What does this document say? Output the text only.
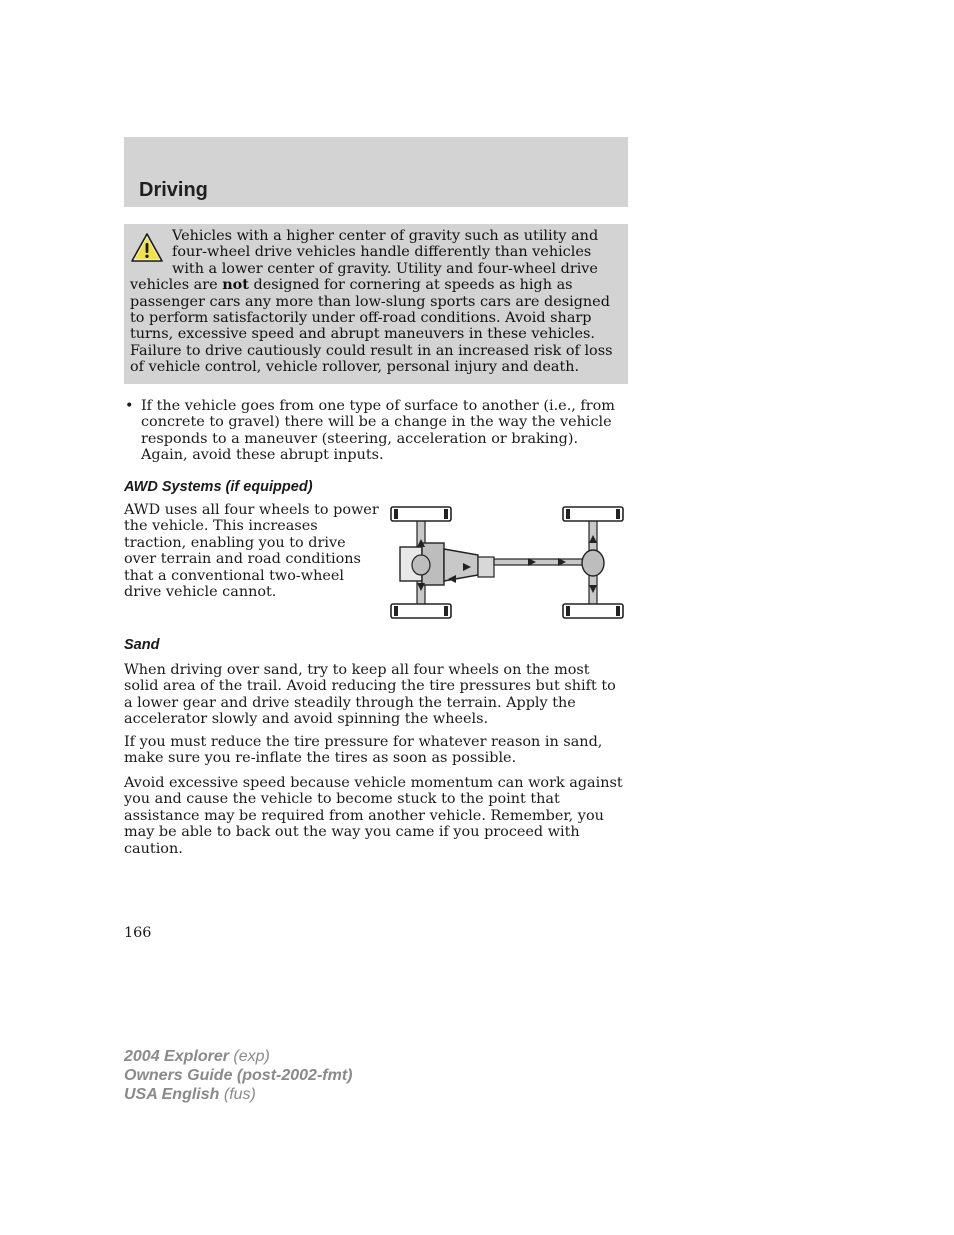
Driving

Vehicles with a higher center of gravity such as utility and four-wheel drive vehicles handle differently than vehicles with a lower center of gravity. Utility and four-wheel drive vehicles are not designed for cornering at speeds as high as passenger cars any more than low-slung sports cars are designed to perform satisfactorily under off-road conditions. Avoid sharp turns, excessive speed and abrupt maneuvers in these vehicles. Failure to drive cautiously could result in an increased risk of loss of vehicle control, vehicle rollover, personal injury and death.

• If the vehicle goes from one type of surface to another (i.e., from concrete to gravel) there will be a change in the way the vehicle responds to a maneuver (steering, acceleration or braking). Again, avoid these abrupt inputs.
AWD Systems (if equipped)

AWD uses all four wheels to power the vehicle. This increases traction, enabling you to drive over terrain and road conditions that a conventional two-wheel drive vehicle cannot.

Sand

When driving over sand, try to keep all four wheels on the most solid area of the trail. Avoid reducing the tire pressures but shift to a lower gear and drive steadily through the terrain. Apply the accelerator slowly and avoid spinning the wheels.

If you must reduce the tire pressure for whatever reason in sand, make sure you re-inflate the tires as soon as possible.

Avoid excessive speed because vehicle momentum can work against you and cause the vehicle to become stuck to the point that assistance may be required from another vehicle. Remember, you may be able to back out the way you came if you proceed with caution.

166
2004 Explorer (exp)
Owners Guide (post-2002-fmt)
USA English (fus)
